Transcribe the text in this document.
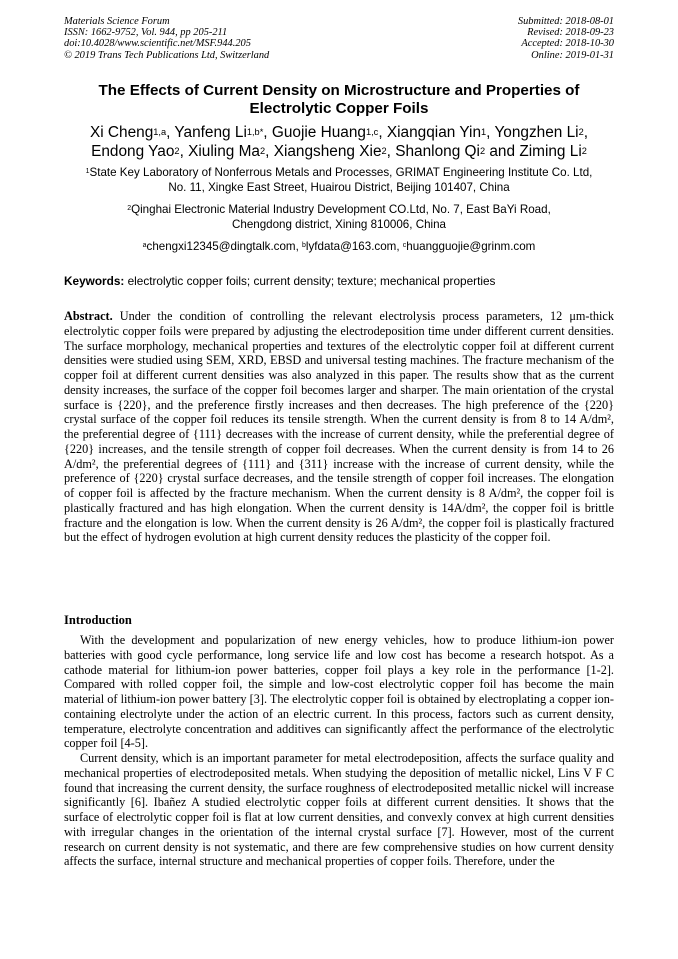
Materials Science Forum
ISSN: 1662-9752, Vol. 944, pp 205-211
doi:10.4028/www.scientific.net/MSF.944.205
© 2019 Trans Tech Publications Ltd, Switzerland
Submitted: 2018-08-01
Revised: 2018-09-23
Accepted: 2018-10-30
Online: 2019-01-31
The Effects of Current Density on Microstructure and Properties of Electrolytic Copper Foils
Xi Cheng$^{1,a}$, Yanfeng $Li^{1,b*}$, Guojie Huang$^{1,c}$, Xiangqian Yin$^1$, Yongzhen Li$^2$,
Endong Yao$^2$, Xiuling Ma$^2$, Xiangsheng Xie$^2$, Shanlong Qi$^2$ and Ziming Li$^2$
$^1$State Key Laboratory of Nonferrous Metals and Processes, GRIMAT Engineering Institute Co. Ltd,
No. 11, Xingke East Street, Huairou District, Beijing 101407, China
$^2$Qinghai Electronic Material Industry Development CO.Ltd, No. 7, East BaYi Road,
Chengdong district, Xining 810006, China
$^a$chengxi12345@dingtalk.com, $^b$lyfdata@163.com, $^c$huangguojie@grinm.com
Keywords: electrolytic copper foils; current density; texture; mechanical properties

Abstract. Under the condition of controlling the relevant electrolysis process parameters, 12 μm-thick electrolytic copper foils were prepared by adjusting the electrodeposition time under different current densities. The surface morphology, mechanical properties and textures of the electrolytic copper foil at different current densities were studied using SEM, XRD, EBSD and universal testing machines. The fracture mechanism of the copper foil at different current densities was also analyzed in this paper. The results show that as the current density increases, the surface of the copper foil becomes larger and sharper. The main orientation of the crystal surface is {220}, and the preference firstly increases and then decreases. The high preference of the {220} crystal surface of the copper foil reduces its tensile strength. When the current density is from 8 to 14 A/dm², the preferential degree of {111} decreases with the increase of current density, while the preferential degree of {220} increases, and the tensile strength of copper foil decreases. When the current density is from 14 to 26 A/dm², the preferential degrees of {111} and {311} increase with the increase of current density, while the preference of {220} crystal surface decreases, and the tensile strength of copper foil increases. The elongation of copper foil is affected by the fracture mechanism. When the current density is 8 A/dm², the copper foil is plastically fractured and has high elongation. When the current density is 14A/dm², the copper foil is brittle fracture and the elongation is low. When the current density is 26 A/dm², the copper foil is plastically fractured but the effect of hydrogen evolution at high current density reduces the plasticity of the copper foil.

Introduction

With the development and popularization of new energy vehicles, how to produce lithium-ion power batteries with good cycle performance, long service life and low cost has become a research hotspot. As a cathode material for lithium-ion power batteries, copper foil plays a key role in the performance [1-2]. Compared with rolled copper foil, the simple and low-cost electrolytic copper foil has become the main material of lithium-ion power battery [3]. The electrolytic copper foil is obtained by electroplating a copper ion-containing electrolyte under the action of an electric current. In this process, factors such as current density, temperature, electrolyte concentration and additives can significantly affect the performance of the electrolytic copper foil [4-5].

Current density, which is an important parameter for metal electrodeposition, affects the surface quality and mechanical properties of electrodeposited metals. When studying the deposition of metallic nickel, Lins V F C found that increasing the current density, the surface roughness of electrodeposited metallic nickel will increase significantly [6]. Ibañez A studied electrolytic copper foils at different current densities. It shows that the surface of electrolytic copper foil is flat at low current densities, and convexly convex at high current densities with irregular changes in the orientation of the internal crystal surface [7]. However, most of the current research on current density is not systematic, and there are few comprehensive studies on how current density affects the surface, internal structure and mechanical properties of copper foils. Therefore, under the
